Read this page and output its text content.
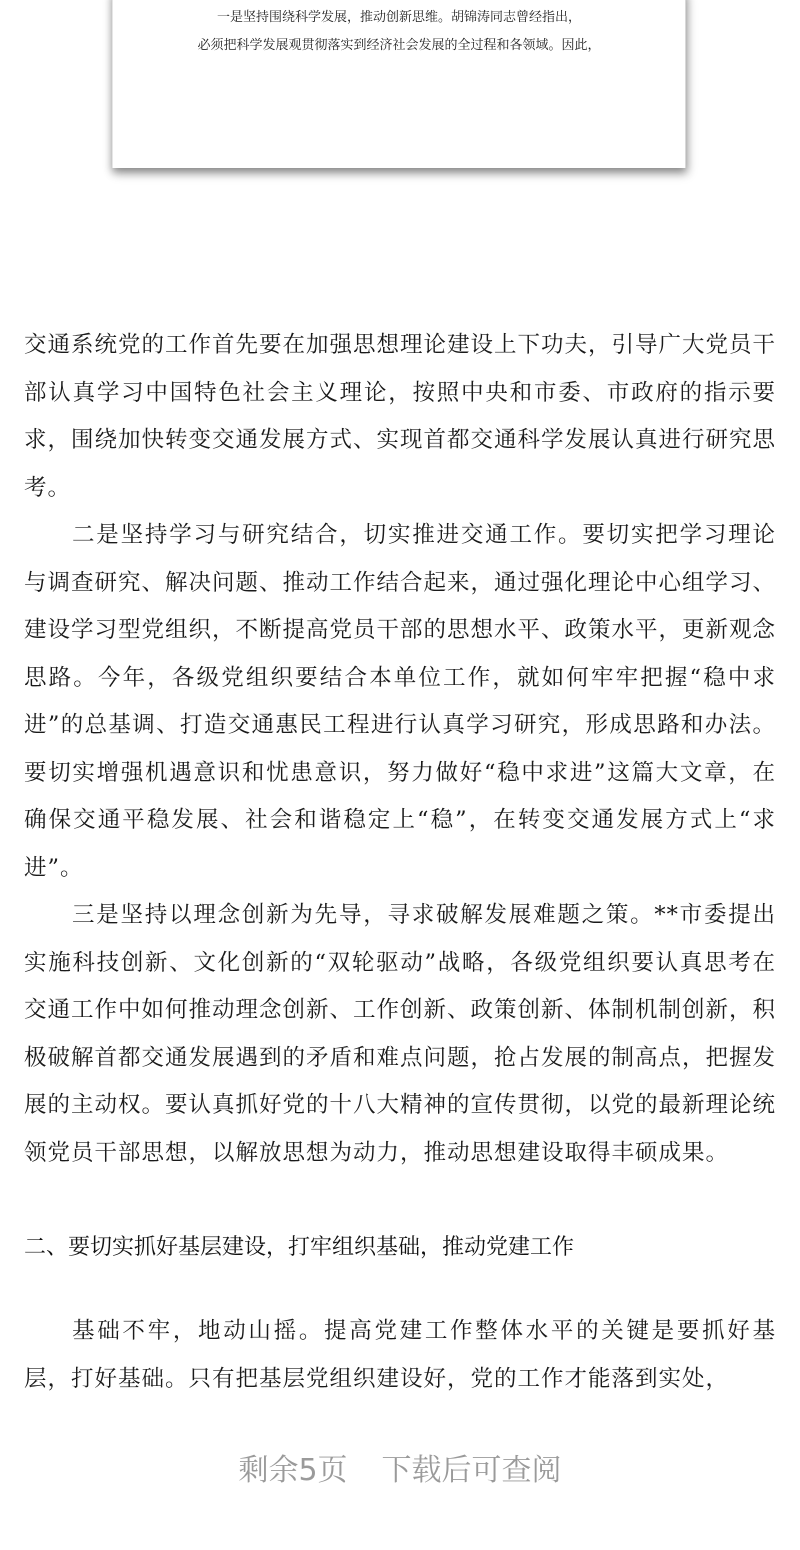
一是坚持围绕科学发展，推动创新思维。胡锦涛同志曾经指出，
必须把科学发展观贯彻落实到经济社会发展的全过程和各领域。因此，

交通系统党的工作首先要在加强思想理论建设上下功夫，引导广大党员干部认真学习中国特色社会主义理论，按照中央和市委、市政府的指示要求，围绕加快转变交通发展方式、实现首都交通科学发展认真进行研究思考。

二是坚持学习与研究结合，切实推进交通工作。要切实把学习理论与调查研究、解决问题、推动工作结合起来，通过强化理论中心组学习、建设学习型党组织，不断提高党员干部的思想水平、政策水平，更新观念思路。今年，各级党组织要结合本单位工作，就如何牢牢把握“稳中求进”的总基调、打造交通惠民工程进行认真学习研究，形成思路和办法。要切实增强机遇意识和忧患意识，努力做好“稳中求进”这篇大文章，在确保交通平稳发展、社会和谐稳定上“稳”，在转变交通发展方式上“求进”。

三是坚持以理念创新为先导，寻求破解发展难题之策。**市委提出实施科技创新、文化创新的“双轮驱动”战略，各级党组织要认真思考在交通工作中如何推动理念创新、工作创新、政策创新、体制机制创新，积极破解首都交通发展遇到的矛盾和难点问题，抢占发展的制高点，把握发展的主动权。要认真抓好党的十八大精神的宣传贯彻，以党的最新理论统领党员干部思想，以解放思想为动力，推动思想建设取得丰硕成果。

二、要切实抓好基层建设，打牢组织基础，推动党建工作

基础不牢，地动山摇。提高党建工作整体水平的关键是要抓好基层，打好基础。只有把基层党组织建设好，党的工作才能落到实处，

剩余5页 下载后可查阅
